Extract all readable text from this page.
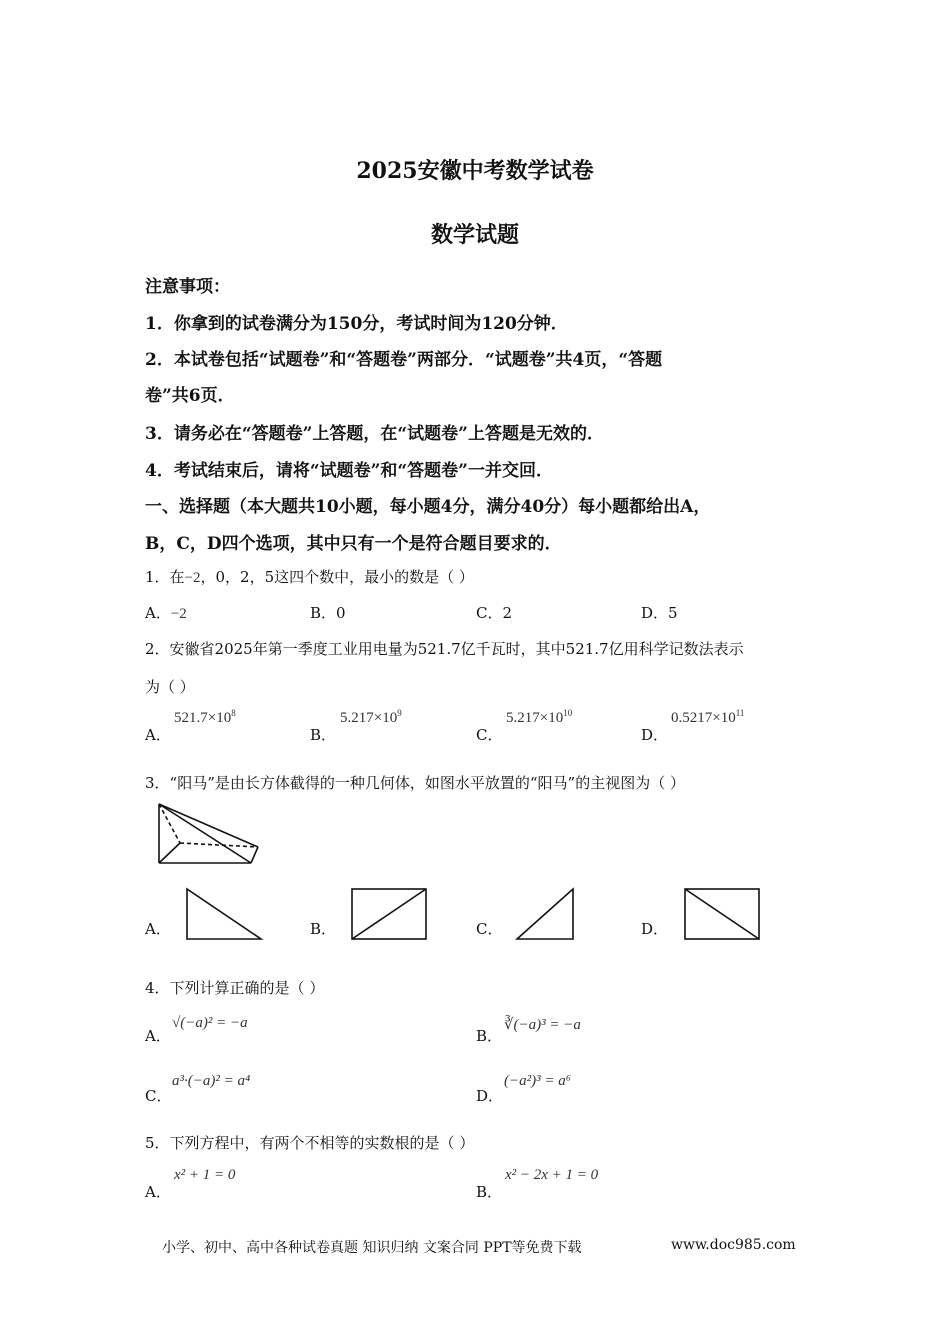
2025安徽中考数学试卷
数学试题
注意事项：
1．你拿到的试卷满分为150分，考试时间为120分钟．
2．本试卷包括“试题卷”和“答题卷”两部分．“试题卷”共4页，“答题
卷”共6页．
3．请务必在“答题卷”上答题，在“试题卷”上答题是无效的．
4．考试结束后，请将“试题卷”和“答题卷”一并交回．
一、选择题（本大题共10小题，每小题4分，满分40分）每小题都给出A，
B，C，D四个选项，其中只有一个是符合题目要求的．
1．在−2，0，2，5这四个数中，最小的数是（ ）
A．−2	B．0	C．2	D．5
2．安徽省2025年第一季度工业用电量为521.7亿千瓦时，其中521.7亿用科学记数法表示
为（ ）
A．
$521.7\times 10^8$
B．
$5.217\times 10^9$
C．
$5.217\times 10^{10}$
D．
$0.5217\times 10^{11}$
3．“阳马”是由长方体截得的一种几何体，如图水平放置的“阳马”的主视图为（ ）
A．	B．	C．	D．
4．下列计算正确的是（ ）
A．
√(−a)² = −a
B．
∛(−a)³ = −a
C．
a³·(−a)² = a⁴
D．
(−a²)³ = a⁶
5．下列方程中，有两个不相等的实数根的是（ ）
A．
x² + 1 = 0
B．
x² − 2x + 1 = 0
小学、初中、高中各种试卷真题 知识归纳 文案合同 PPT等免费下载	www.doc985.com
